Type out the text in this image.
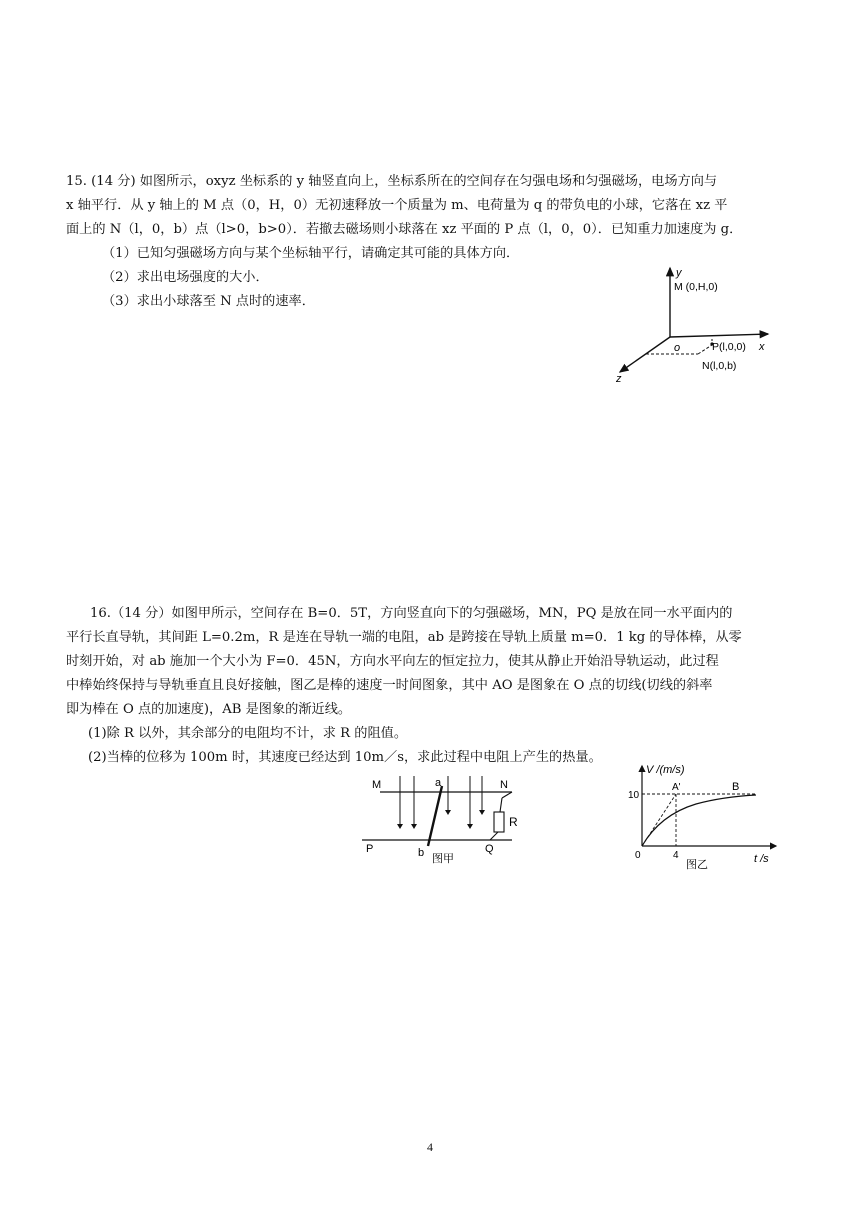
15. (14 分) 如图所示，oxyz 坐标系的 y 轴竖直向上，坐标系所在的空间存在匀强电场和匀强磁场，电场方向与
x 轴平行．从 y 轴上的 M 点（0，H，0）无初速释放一个质量为 m、电荷量为 q 的带负电的小球，它落在 xz 平
面上的 N（l，0，b）点（l>0，b>0）．若撤去磁场则小球落在 xz 平面的 P 点（l，0，0）．已知重力加速度为 g．
（1）已知匀强磁场方向与某个坐标轴平行，请确定其可能的具体方向．
（2）求出电场强度的大小．
（3）求出小球落至 N 点时的速率．
y
M (0,H,0)
o	P(l,0,0) x
N(l,0,b)
z
16.（14 分）如图甲所示，空间存在 B=0．5T，方向竖直向下的匀强磁场，MN，PQ 是放在同一水平面内的
平行长直导轨，其间距 L=0.2m，R 是连在导轨一端的电阻，ab 是跨接在导轨上质量 m=0．1 kg 的导体棒，从零
时刻开始，对 ab 施加一个大小为 F=0．45N，方向水平向左的恒定拉力，使其从静止开始沿导轨运动，此过程
中棒始终保持与导轨垂直且良好接触，图乙是棒的速度一时间图象，其中 AO 是图象在 O 点的切线(切线的斜率
即为棒在 O 点的加速度)，AB 是图象的渐近线。
(1)除 R 以外，其余部分的电阻均不计，求 R 的阻值。
(2)当棒的位移为 100m 时，其速度已经达到 10m／s，求此过程中电阻上产生的热量。
M	a	N
R
P	b	Q
图甲
V /(m/s)
10
A'	B
0	4	t /s
图乙
4
